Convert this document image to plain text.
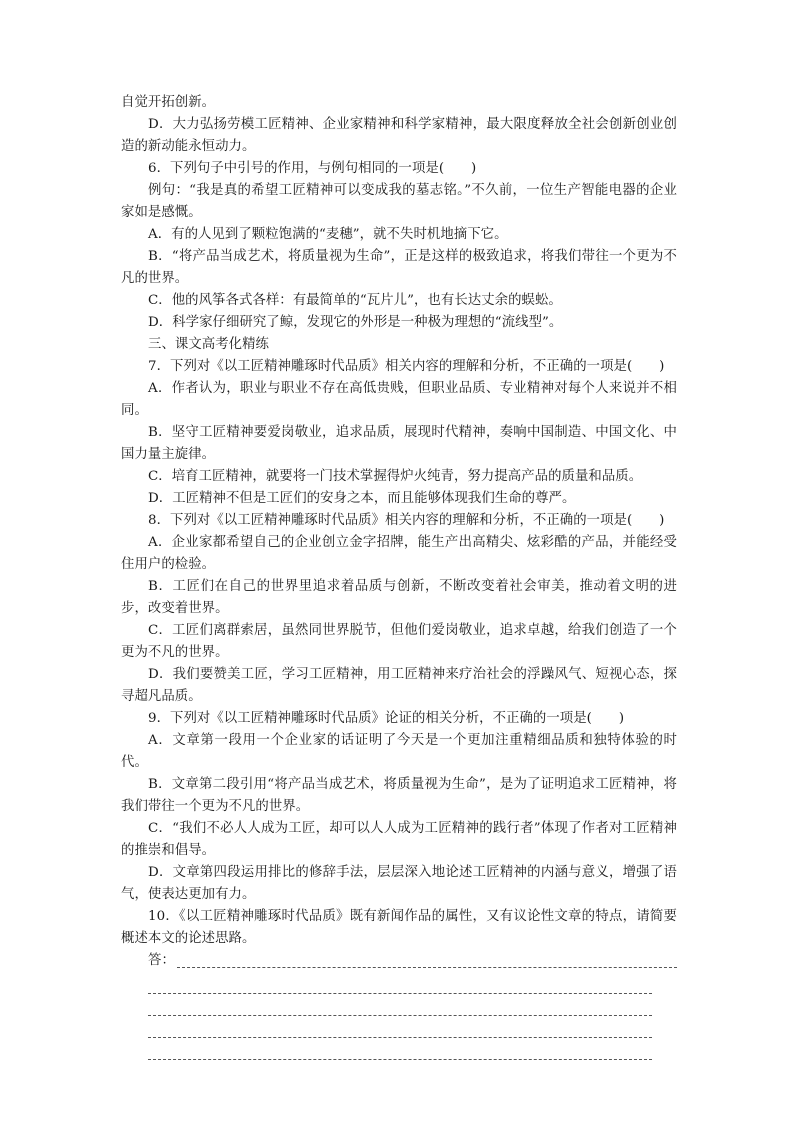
自觉开拓创新。

D．大力弘扬劳模工匠精神、企业家精神和科学家精神，最大限度释放全社会创新创业创造的新动能永恒动力。

6．下列句子中引号的作用，与例句相同的一项是(　　)

例句：“我是真的希望工匠精神可以变成我的墓志铭。”不久前，一位生产智能电器的企业家如是感慨。

A．有的人见到了颗粒饱满的“麦穗”，就不失时机地摘下它。

B．“将产品当成艺术，将质量视为生命”，正是这样的极致追求，将我们带往一个更为不凡的世界。

C．他的风筝各式各样：有最简单的“瓦片儿”，也有长达丈余的蜈蚣。

D．科学家仔细研究了鲸，发现它的外形是一种极为理想的“流线型”。

三、课文高考化精练

7．下列对《以工匠精神雕琢时代品质》相关内容的理解和分析，不正确的一项是(　　)

A．作者认为，职业与职业不存在高低贵贱，但职业品质、专业精神对每个人来说并不相同。

B．坚守工匠精神要爱岗敬业，追求品质，展现时代精神，奏响中国制造、中国文化、中国力量主旋律。

C．培育工匠精神，就要将一门技术掌握得炉火纯青，努力提高产品的质量和品质。

D．工匠精神不但是工匠们的安身之本，而且能够体现我们生命的尊严。

8．下列对《以工匠精神雕琢时代品质》相关内容的理解和分析，不正确的一项是(　　)

A．企业家都希望自己的企业创立金字招牌，能生产出高精尖、炫彩酷的产品，并能经受住用户的检验。

B．工匠们在自己的世界里追求着品质与创新，不断改变着社会审美，推动着文明的进步，改变着世界。

C．工匠们离群索居，虽然同世界脱节，但他们爱岗敬业，追求卓越，给我们创造了一个更为不凡的世界。

D．我们要赞美工匠，学习工匠精神，用工匠精神来疗治社会的浮躁风气、短视心态，探寻超凡品质。

9．下列对《以工匠精神雕琢时代品质》论证的相关分析，不正确的一项是(　　)

A．文章第一段用一个企业家的话证明了今天是一个更加注重精细品质和独特体验的时代。

B．文章第二段引用“将产品当成艺术，将质量视为生命”，是为了证明追求工匠精神，将我们带往一个更为不凡的世界。

C．“我们不必人人成为工匠，却可以人人成为工匠精神的践行者”体现了作者对工匠精神的推崇和倡导。

D．文章第四段运用排比的修辞手法，层层深入地论述工匠精神的内涵与意义，增强了语气，使表达更加有力。

10．《以工匠精神雕琢时代品质》既有新闻作品的属性，又有议论性文章的特点，请简要概述本文的论述思路。

答：
